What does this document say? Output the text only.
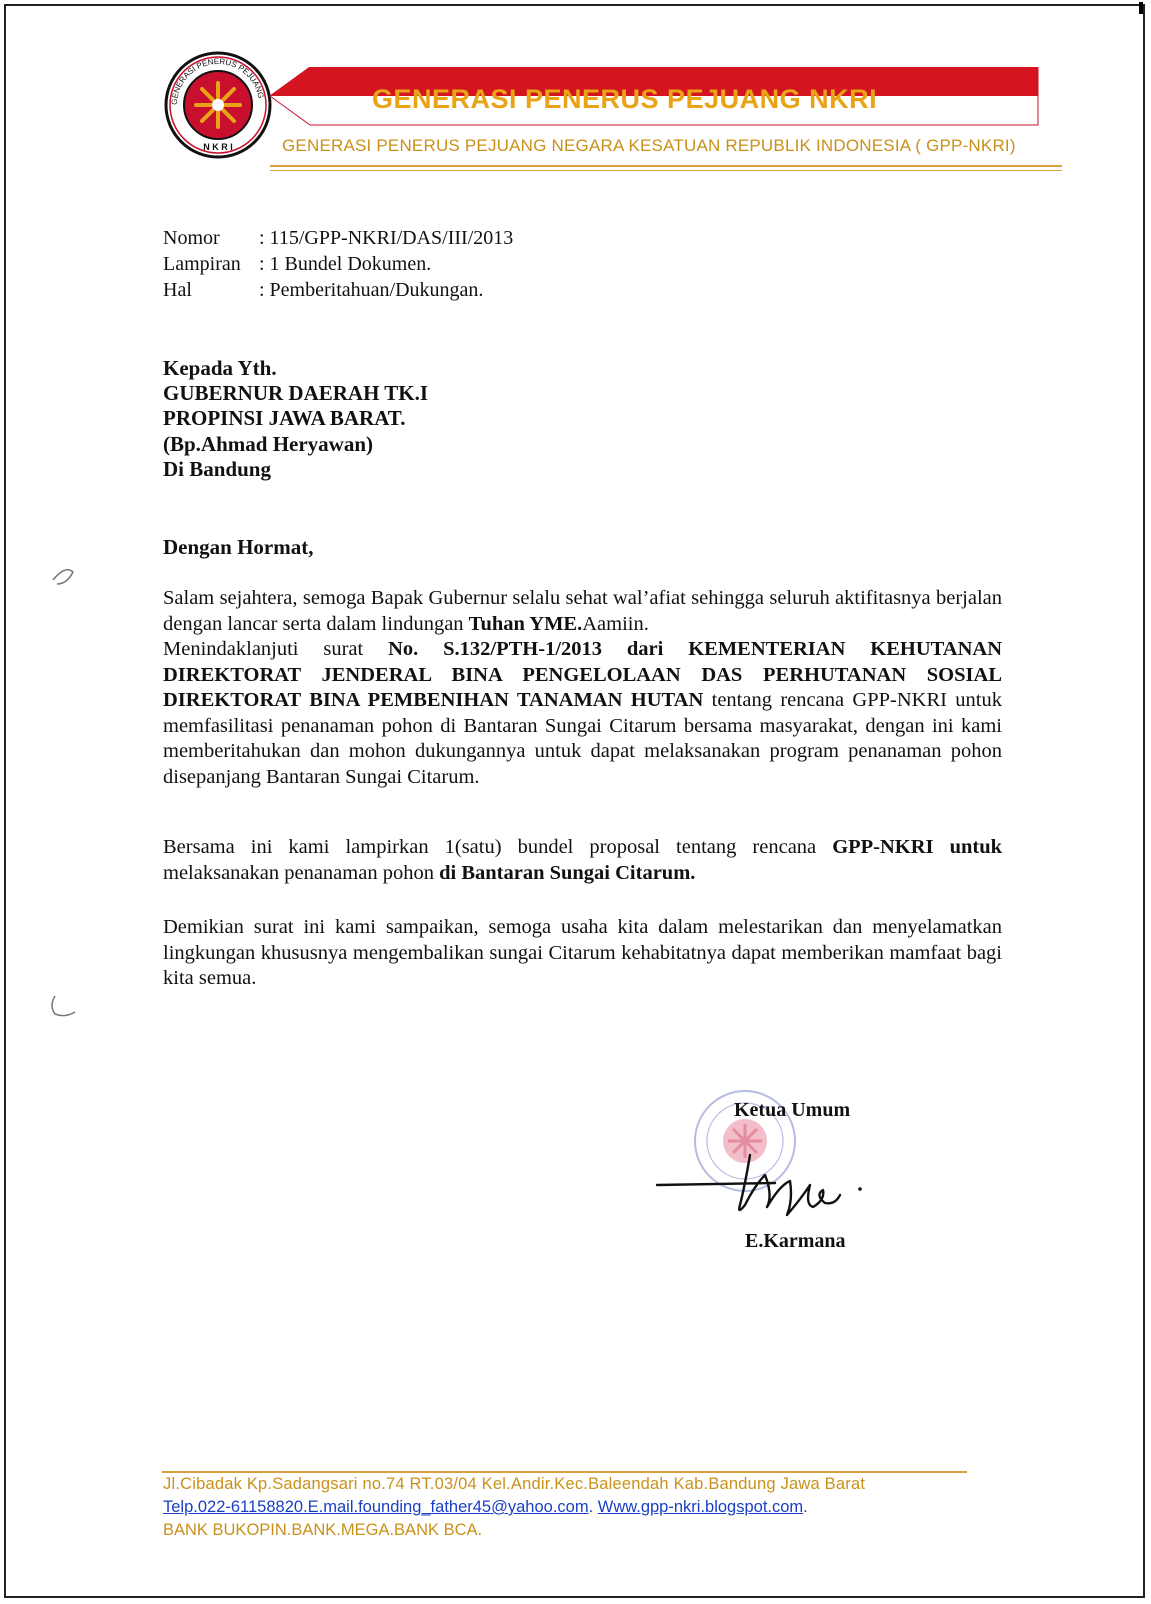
GENERASI PENERUS PEJUANG
N K R I
GENERASI PENERUS PEJUANG NKRI
GENERASI PENERUS PEJUANG NEGARA KESATUAN REPUBLIK INDONESIA ( GPP-NKRI)
Nomor : 115/GPP-NKRI/DAS/III/2013
Lampiran : 1 Bundel Dokumen.
Hal	: Pemberitahuan/Dukungan.
Kepada Yth.
GUBERNUR DAERAH TK.I
PROPINSI JAWA BARAT.
(Bp.Ahmad Heryawan)
Di Bandung
Dengan Hormat,

Salam sejahtera, semoga Bapak Gubernur selalu sehat wal’afiat sehingga seluruh aktifitasnya berjalan dengan lancar serta dalam lindungan Tuhan YME.Aamiin.
Menindaklanjuti surat No. S.132/PTH-1/2013 dari KEMENTERIAN KEHUTANAN DIREKTORAT JENDERAL BINA PENGELOLAAN DAS PERHUTANAN SOSIAL DIREKTORAT BINA PEMBENIHAN TANAMAN HUTAN tentang rencana GPP-NKRI untuk memfasilitasi penanaman pohon di Bantaran Sungai Citarum bersama masyarakat, dengan ini kami memberitahukan dan mohon dukungannya untuk dapat melaksanakan program penanaman pohon disepanjang Bantaran Sungai Citarum.

Bersama ini kami lampirkan 1(satu) bundel proposal tentang rencana GPP-NKRI untuk melaksanakan penanaman pohon di Bantaran Sungai Citarum.

Demikian surat ini kami sampaikan, semoga usaha kita dalam melestarikan dan menyelamatkan lingkungan khususnya mengembalikan sungai Citarum kehabitatnya dapat memberikan mamfaat bagi kita semua.

Ketua Umum
E.Karmana
Jl.Cibadak Kp.Sadangsari no.74 RT.03/04 Kel.Andir.Kec.Baleendah Kab.Bandung Jawa Barat
Telp.022-61158820.E.mail.founding_father45@yahoo.com. Www.gpp-nkri.blogspot.com.
BANK BUKOPIN.BANK.MEGA.BANK BCA.
